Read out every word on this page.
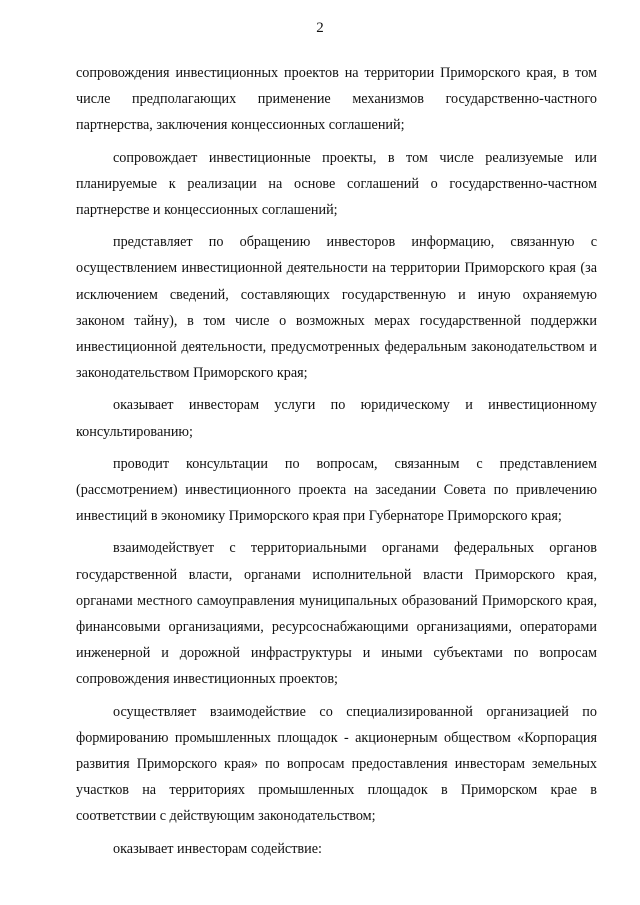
2

сопровождения инвестиционных проектов на территории Приморского края, в том числе предполагающих применение механизмов государственно-частного партнерства, заключения концессионных соглашений;

сопровождает инвестиционные проекты, в том числе реализуемые или планируемые к реализации на основе соглашений о государственно-частном партнерстве и концессионных соглашений;

представляет по обращению инвесторов информацию, связанную с осуществлением инвестиционной деятельности на территории Приморского края (за исключением сведений, составляющих государственную и иную охраняемую законом тайну), в том числе о возможных мерах государственной поддержки инвестиционной деятельности, предусмотренных федеральным законодательством и законодательством Приморского края;

оказывает инвесторам услуги по юридическому и инвестиционному консультированию;

проводит консультации по вопросам, связанным с представлением (рассмотрением) инвестиционного проекта на заседании Совета по привлечению инвестиций в экономику Приморского края при Губернаторе Приморского края;

взаимодействует с территориальными органами федеральных органов государственной власти, органами исполнительной власти Приморского края, органами местного самоуправления муниципальных образований Приморского края, финансовыми организациями, ресурсоснабжающими организациями, операторами инженерной и дорожной инфраструктуры и иными субъектами по вопросам сопровождения инвестиционных проектов;

осуществляет взаимодействие со специализированной организацией по формированию промышленных площадок - акционерным обществом «Корпорация развития Приморского края» по вопросам предоставления инвесторам земельных участков на территориях промышленных площадок в Приморском крае в соответствии с действующим законодательством;

оказывает инвесторам содействие:
